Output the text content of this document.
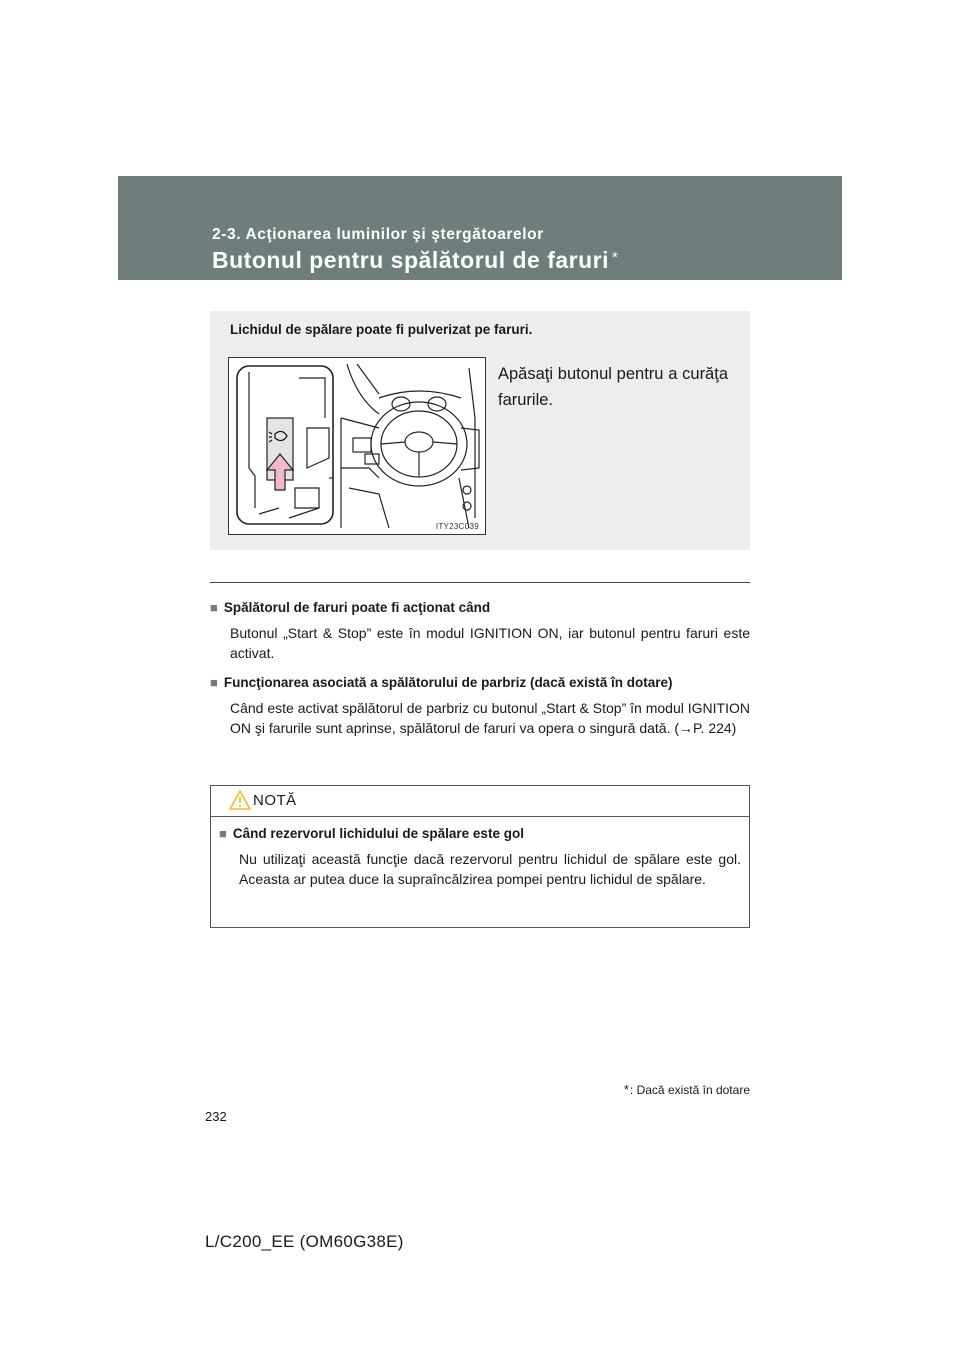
2-3. Acţionarea luminilor şi ştergătoarelor
Butonul pentru spălătorul de faruri *
Lichidul de spălare poate fi pulverizat pe faruri.
ITY23C039
Apăsaţi butonul pentru a curăţa farurile.
■ Spălătorul de faruri poate fi acţionat când
Butonul „Start & Stop” este în modul IGNITION ON, iar butonul pentru faruri este activat.
■ Funcţionarea asociată a spălătorului de parbriz (dacă există în dotare)
Când este activat spălătorul de parbriz cu butonul „Start & Stop” în modul IGNITION ON şi farurile sunt aprinse, spălătorul de faruri va opera o singură dată. (→P. 224)
NOTĂ
■ Când rezervorul lichidului de spălare este gol
Nu utilizaţi această funcţie dacă rezervorul pentru lichidul de spălare este gol. Aceasta ar putea duce la supraîncălzirea pompei pentru lichidul de spălare.
*: Dacă există în dotare
232
L/C200_EE (OM60G38E)
